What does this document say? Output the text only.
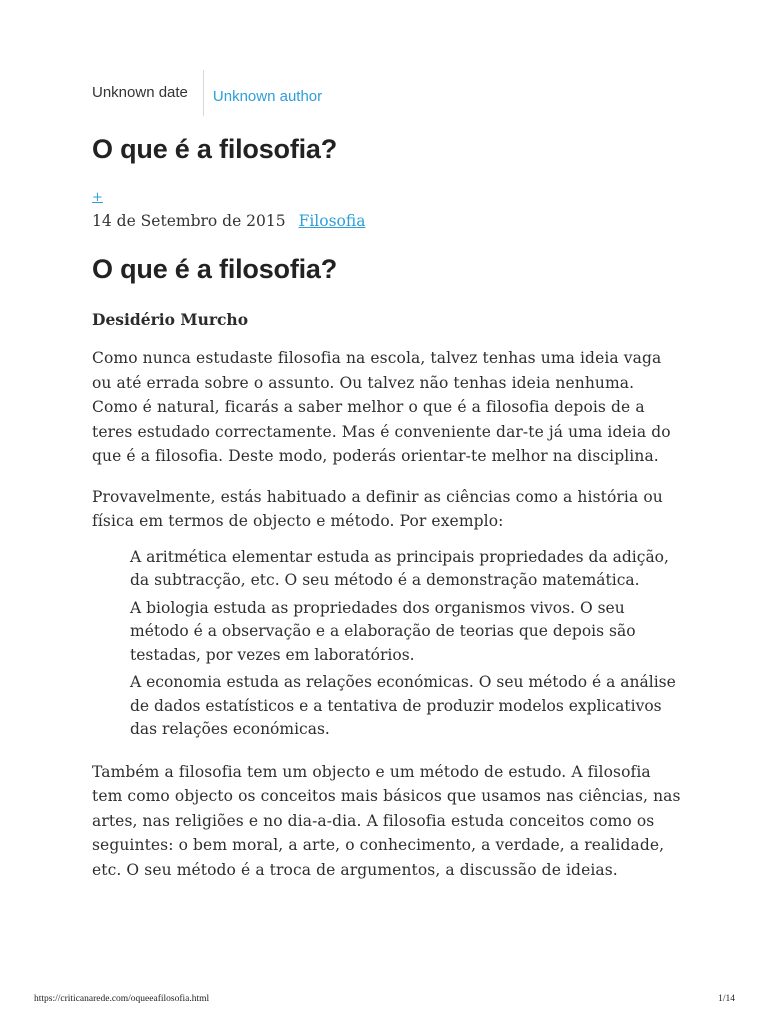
Unknown date	Unknown author
O que é a filosofia?
+
14 de Setembro de 2015 Filosofia
O que é a filosofia?
Desidério Murcho

Como nunca estudaste filosofia na escola, talvez tenhas uma ideia vaga ou até errada sobre o assunto. Ou talvez não tenhas ideia nenhuma. Como é natural, ficarás a saber melhor o que é a filosofia depois de a teres estudado correctamente. Mas é conveniente dar-te já uma ideia do que é a filosofia. Deste modo, poderás orientar-te melhor na disciplina.

Provavelmente, estás habituado a definir as ciências como a história ou física em termos de objecto e método. Por exemplo:

A aritmética elementar estuda as principais propriedades da adição, da subtracção, etc. O seu método é a demonstração matemática.
A biologia estuda as propriedades dos organismos vivos. O seu método é a observação e a elaboração de teorias que depois são testadas, por vezes em laboratórios.
A economia estuda as relações económicas. O seu método é a análise de dados estatísticos e a tentativa de produzir modelos explicativos das relações económicas.

Também a filosofia tem um objecto e um método de estudo. A filosofia tem como objecto os conceitos mais básicos que usamos nas ciências, nas artes, nas religiões e no dia-a-dia. A filosofia estuda conceitos como os seguintes: o bem moral, a arte, o conhecimento, a verdade, a realidade, etc. O seu método é a troca de argumentos, a discussão de ideias.

https://criticanarede.com/oqueeafilosofia.html	1/14
